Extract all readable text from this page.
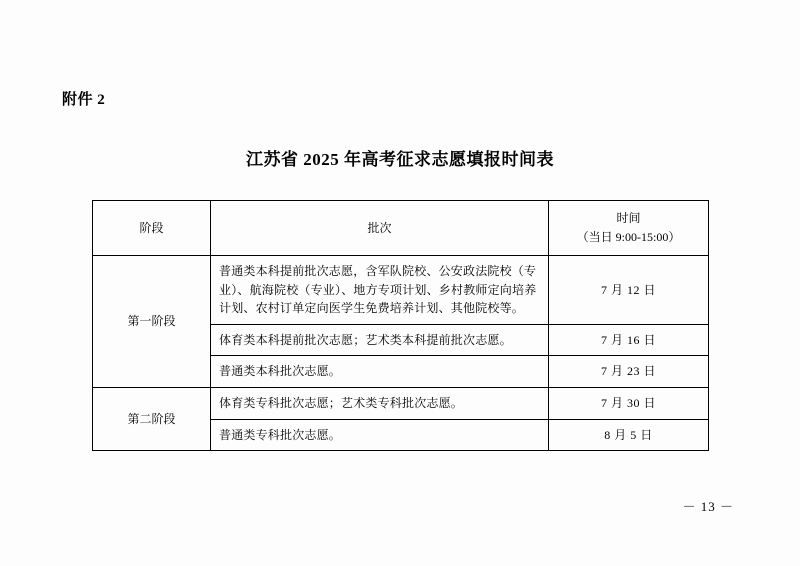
附件 2
江苏省 2025 年高考征求志愿填报时间表
阶段	批次	时间
（当日 9:00-15:00）

第一阶段	普通类本科提前批次志愿，含军队院校、公安政法院校（专业）、航海院校（专业）、地方专项计划、乡村教师定向培养计划、农村订单定向医学生免费培养计划、其他院校等。	7 月 12 日
	体育类本科提前批次志愿；艺术类本科提前批次志愿。	7 月 16 日
	普通类本科批次志愿。	7 月 23 日
第二阶段	体育类专科批次志愿；艺术类专科批次志愿。	7 月 30 日
	普通类专科批次志愿。	8 月 5 日
－ 13 －
